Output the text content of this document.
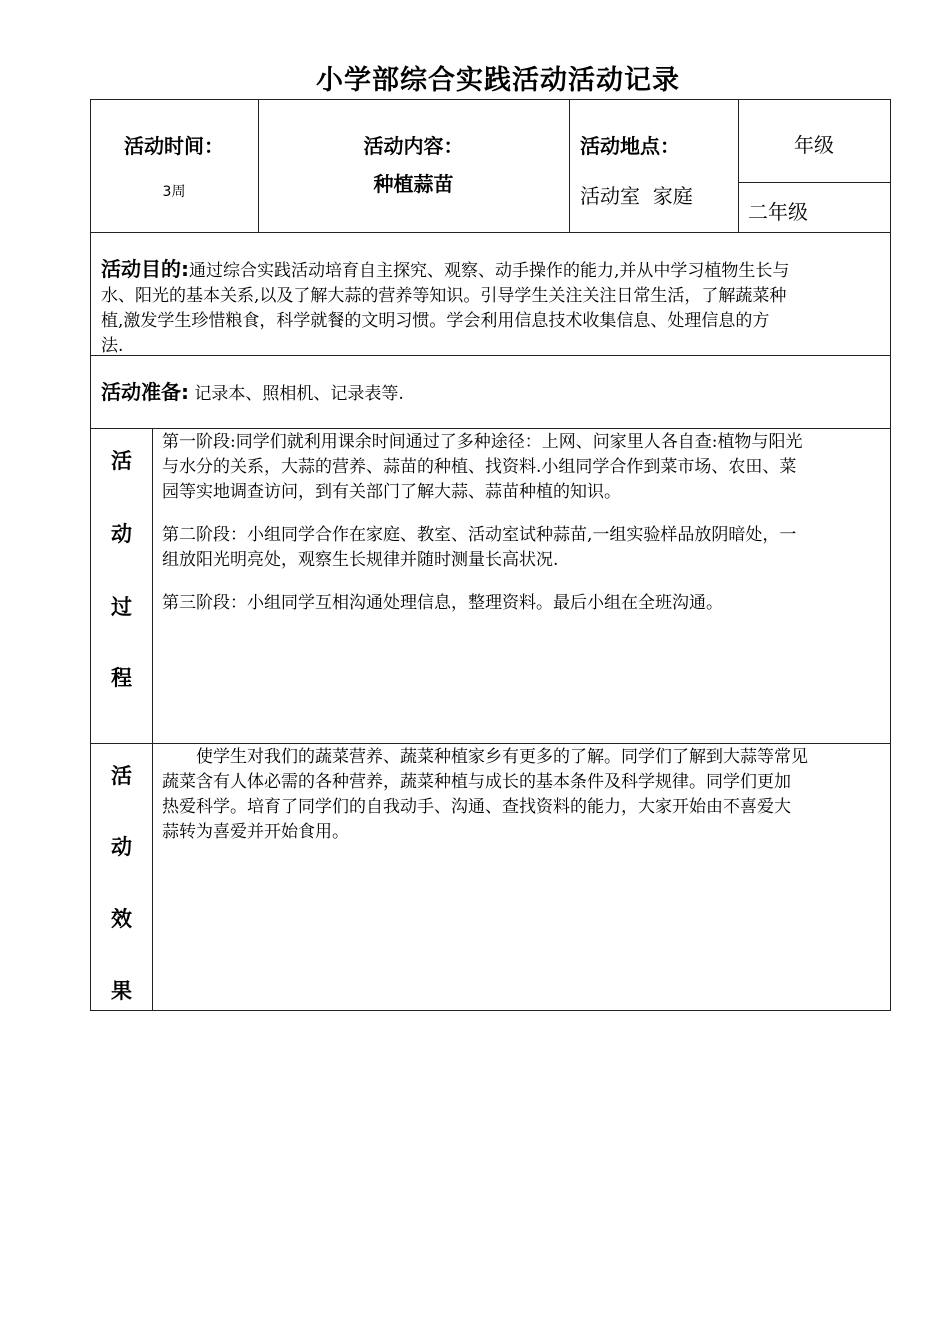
小学部综合实践活动活动记录
活动时间：
3周
活动内容：
种植蒜苗
活动地点：
活动室  家庭
年级
二年级
活动目的:通过综合实践活动培育自主探究、观察、动手操作的能力,并从中学习植物生长与
水、阳光的基本关系,以及了解大蒜的营养等知识。引导学生关注关注日常生活，了解蔬菜种
植,激发学生珍惜粮食，科学就餐的文明习惯。学会利用信息技术收集信息、处理信息的方
法.
活动准备: 记录本、照相机、记录表等.
活
动
过
程
第一阶段:同学们就利用课余时间通过了多种途径：上网、问家里人各自查:植物与阳光
与水分的关系，大蒜的营养、蒜苗的种植、找资料.小组同学合作到菜市场、农田、菜
园等实地调查访问，到有关部门了解大蒜、蒜苗种植的知识。
第二阶段：小组同学合作在家庭、教室、活动室试种蒜苗,一组实验样品放阴暗处，一
组放阳光明亮处，观察生长规律并随时测量长高状况.
第三阶段：小组同学互相沟通处理信息，整理资料。最后小组在全班沟通。
活
动
效
果
使学生对我们的蔬菜营养、蔬菜种植家乡有更多的了解。同学们了解到大蒜等常见
蔬菜含有人体必需的各种营养，蔬菜种植与成长的基本条件及科学规律。同学们更加
热爱科学。培育了同学们的自我动手、沟通、查找资料的能力，大家开始由不喜爱大
蒜转为喜爱并开始食用。
